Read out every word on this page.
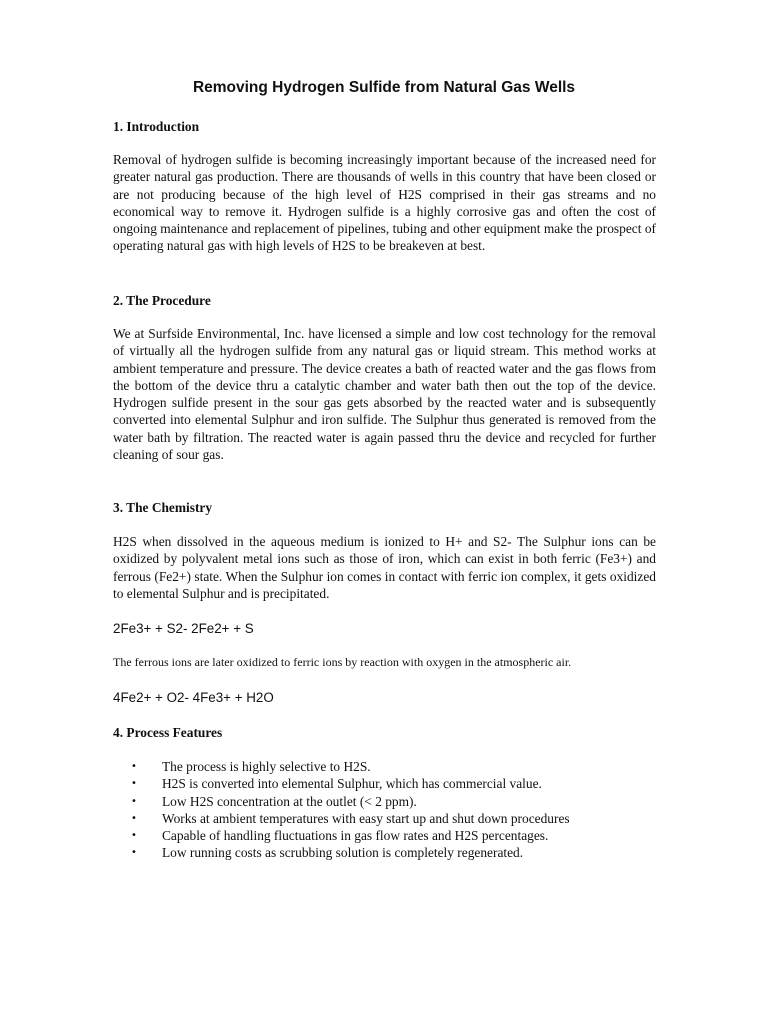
Removing Hydrogen Sulfide from Natural Gas Wells
1. Introduction

Removal of hydrogen sulfide is becoming increasingly important because of the increased need for greater natural gas production. There are thousands of wells in this country that have been closed or are not producing because of the high level of H2S comprised in their gas streams and no economical way to remove it. Hydrogen sulfide is a highly corrosive gas and often the cost of ongoing maintenance and replacement of pipelines, tubing and other equipment make the prospect of operating natural gas with high levels of H2S to be breakeven at best.

2. The Procedure

We at Surfside Environmental, Inc. have licensed a simple and low cost technology for the removal of virtually all the hydrogen sulfide from any natural gas or liquid stream. This method works at ambient temperature and pressure. The device creates a bath of reacted water and the gas flows from the bottom of the device thru a catalytic chamber and water bath then out the top of the device. Hydrogen sulfide present in the sour gas gets absorbed by the reacted water and is subsequently converted into elemental Sulphur and iron sulfide. The Sulphur thus generated is removed from the water bath by filtration. The reacted water is again passed thru the device and recycled for further cleaning of sour gas.

3. The Chemistry

H2S when dissolved in the aqueous medium is ionized to H+ and S2- The Sulphur ions can be oxidized by polyvalent metal ions such as those of iron, which can exist in both ferric (Fe3+) and ferrous (Fe2+) state. When the Sulphur ion comes in contact with ferric ion complex, it gets oxidized to elemental Sulphur and is precipitated.

2Fe3+ + S2- 2Fe2+ + S
The ferrous ions are later oxidized to ferric ions by reaction with oxygen in the atmospheric air.
4Fe2+ + O2- 4Fe3+ + H2O
4. Process Features
• The process is highly selective to H2S.
• H2S is converted into elemental Sulphur, which has commercial value.
• Low H2S concentration at the outlet (< 2 ppm).
• Works at ambient temperatures with easy start up and shut down procedures
• Capable of handling fluctuations in gas flow rates and H2S percentages.
• Low running costs as scrubbing solution is completely regenerated.
